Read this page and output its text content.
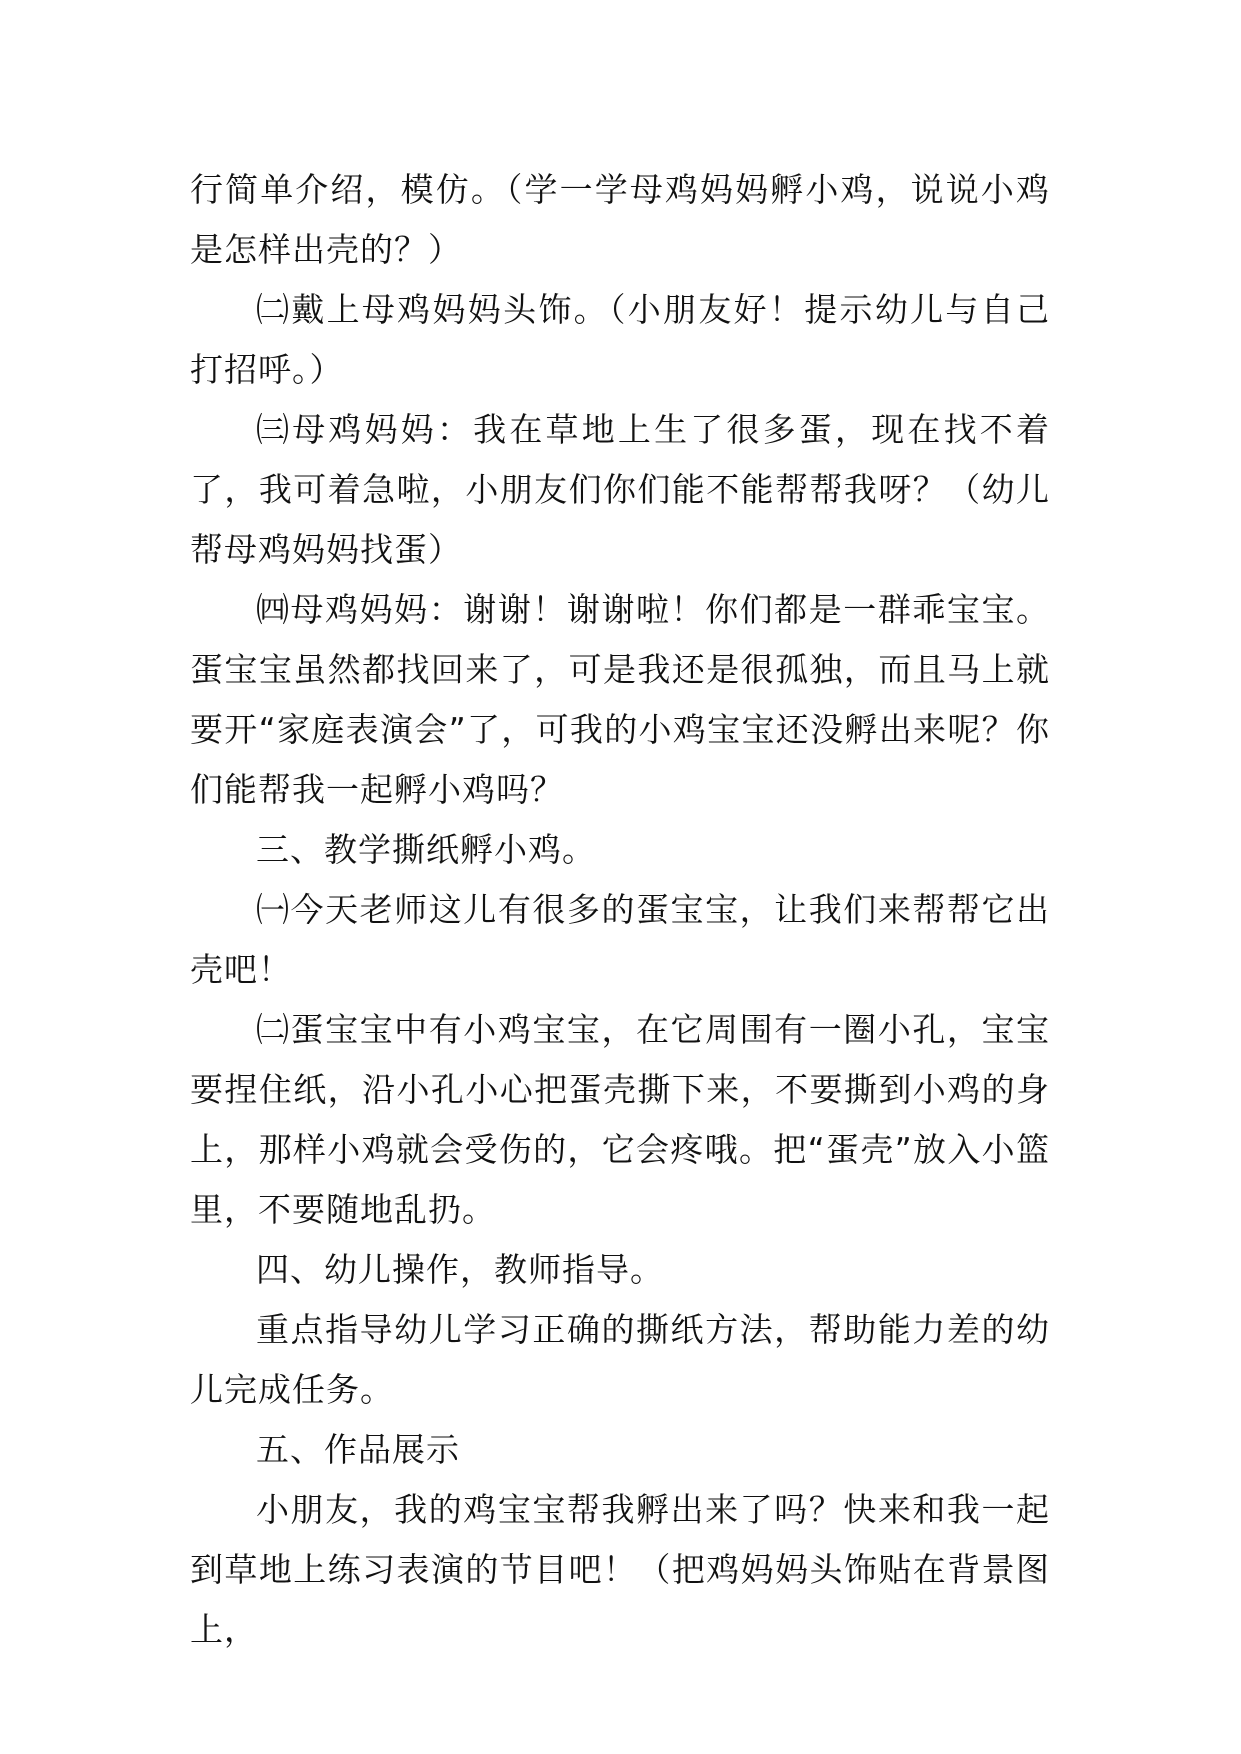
行简单介绍，模仿。（学一学母鸡妈妈孵小鸡，说说小鸡是怎样出壳的？）

㈡戴上母鸡妈妈头饰。（小朋友好！提示幼儿与自己打招呼。）

㈢母鸡妈妈：我在草地上生了很多蛋，现在找不着了，我可着急啦，小朋友们你们能不能帮帮我呀？（幼儿帮母鸡妈妈找蛋）

㈣母鸡妈妈：谢谢！谢谢啦！你们都是一群乖宝宝。蛋宝宝虽然都找回来了，可是我还是很孤独，而且马上就要开“家庭表演会”了，可我的小鸡宝宝还没孵出来呢？你们能帮我一起孵小鸡吗？

三、教学撕纸孵小鸡。

㈠今天老师这儿有很多的蛋宝宝，让我们来帮帮它出壳吧！

㈡蛋宝宝中有小鸡宝宝，在它周围有一圈小孔，宝宝要捏住纸，沿小孔小心把蛋壳撕下来，不要撕到小鸡的身上，那样小鸡就会受伤的，它会疼哦。把“蛋壳”放入小篮里，不要随地乱扔。

四、幼儿操作，教师指导。

重点指导幼儿学习正确的撕纸方法，帮助能力差的幼儿完成任务。

五、作品展示

小朋友，我的鸡宝宝帮我孵出来了吗？快来和我一起到草地上练习表演的节目吧！（把鸡妈妈头饰贴在背景图上，
